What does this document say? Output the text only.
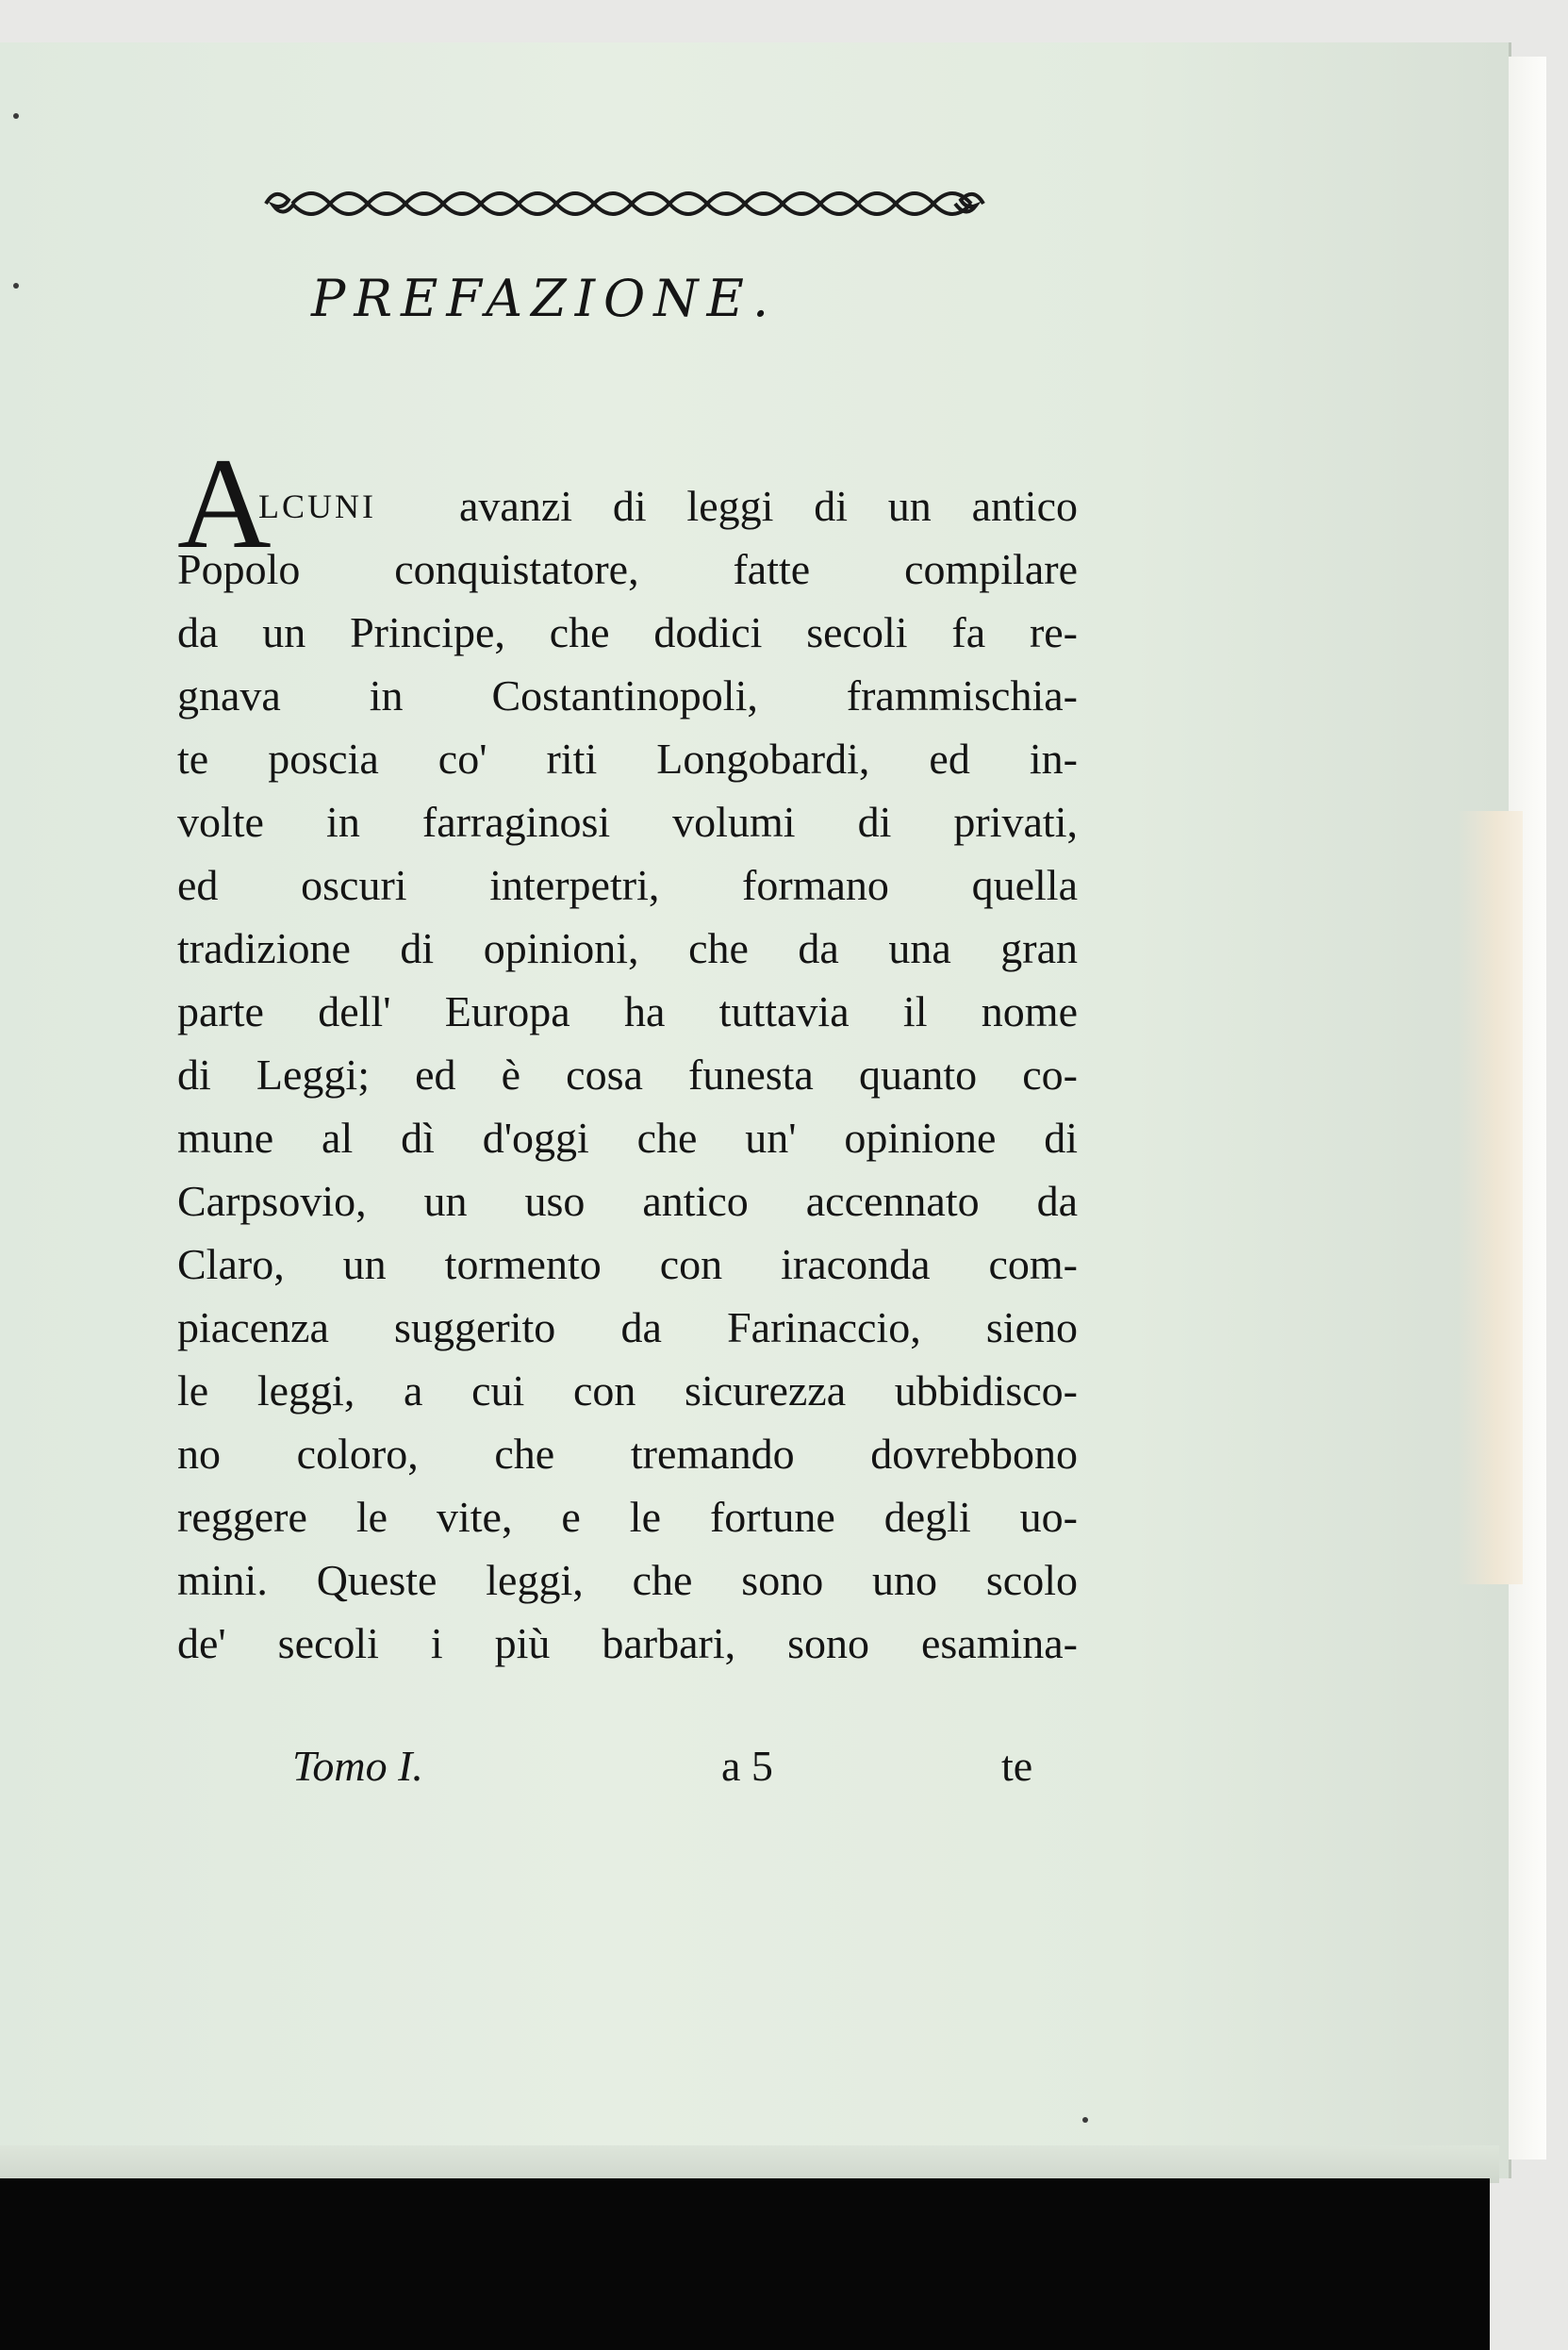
PREFAZIONE.
A
LCUNI avanzi di leggi di un antico
Popolo conquistatore, fatte compilare
da un Principe, che dodici secoli fa re-
gnava in Costantinopoli, frammischia-
te poscia co' riti Longobardi, ed in-
volte in farraginosi volumi di privati,
ed oscuri interpetri, formano quella
tradizione di opinioni, che da una gran
parte dell' Europa ha tuttavia il nome
di Leggi; ed è cosa funesta quanto co-
mune al dì d'oggi che un' opinione di
Carpsovio, un uso antico accennato da
Claro, un tormento con iraconda com-
piacenza suggerito da Farinaccio, sieno
le leggi, a cui con sicurezza ubbidisco-
no coloro, che tremando dovrebbono
reggere le vite, e le fortune degli uo-
mini. Queste leggi, che sono uno scolo
de' secoli i più barbari, sono esamina-
Tomo I.	a 5	te
